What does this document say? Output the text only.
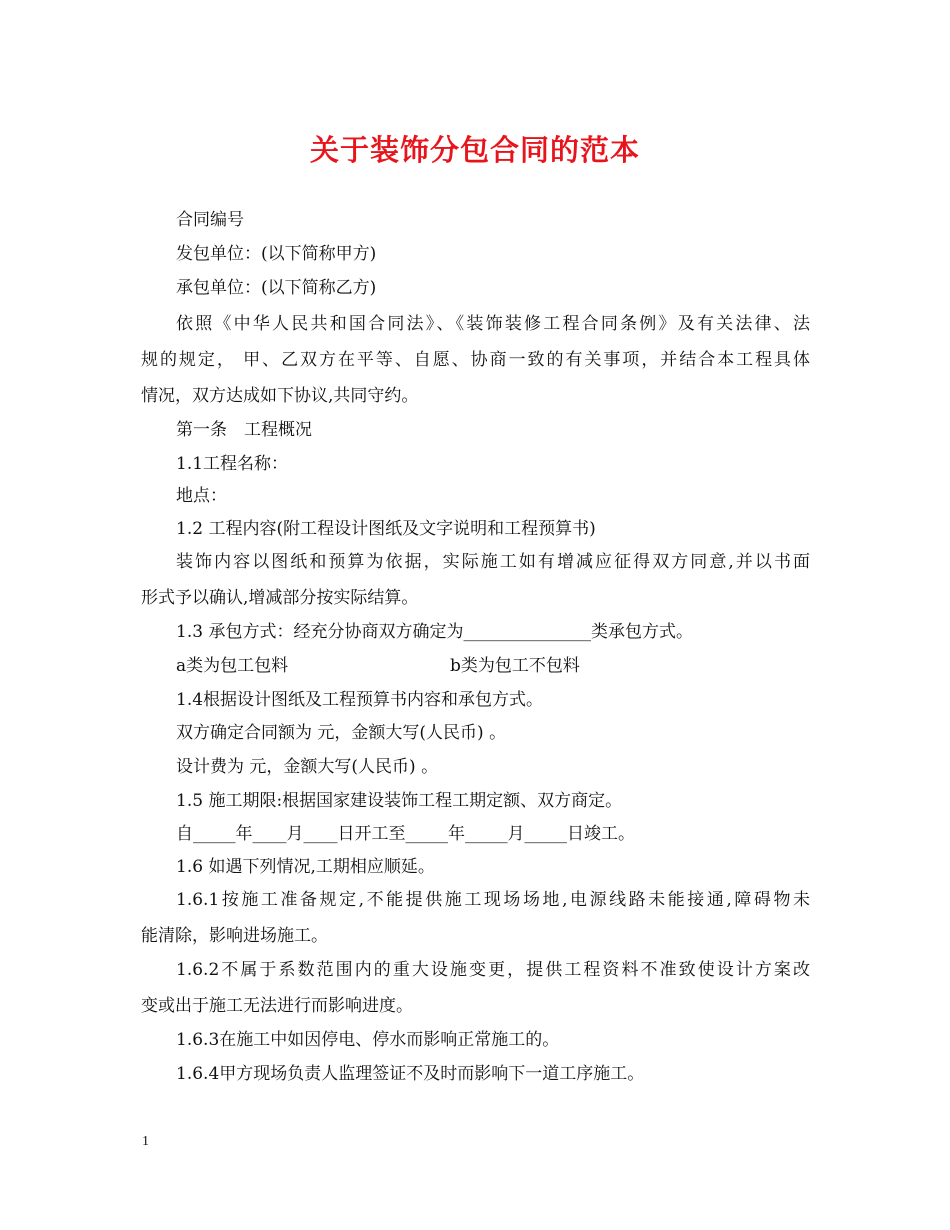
关于装饰分包合同的范本
合同编号
发包单位：(以下简称甲方)
承包单位：(以下简称乙方)
依照《中华人民共和国合同法》、《装饰装修工程合同条例》及有关法律、法
规的规定， 甲、乙双方在平等、自愿、协商一致的有关事项，并结合本工程具体
情况，双方达成如下协议,共同守约。
第一条　工程概况
1.1工程名称：
地点：
1.2 工程内容(附工程设计图纸及文字说明和工程预算书)
装饰内容以图纸和预算为依据，实际施工如有增减应征得双方同意,并以书面
形式予以确认,增减部分按实际结算。
1.3 承包方式：经充分协商双方确定为_______________类承包方式。
a类为包工包料	b类为包工不包料
1.4根据设计图纸及工程预算书内容和承包方式。
双方确定合同额为 元，金额大写(人民币) 。
设计费为 元，金额大写(人民币) 。
1.5 施工期限:根据国家建设装饰工程工期定额、双方商定。
自_____年____月____日开工至_____年_____月_____日竣工。
1.6 如遇下列情况,工期相应顺延。
1.6.1按施工准备规定,不能提供施工现场场地,电源线路未能接通,障碍物未
能清除，影响进场施工。
1.6.2不属于系数范围内的重大设施变更，提供工程资料不准致使设计方案改
变或出于施工无法进行而影响进度。
1.6.3在施工中如因停电、停水而影响正常施工的。
1.6.4甲方现场负责人监理签证不及时而影响下一道工序施工。
1
